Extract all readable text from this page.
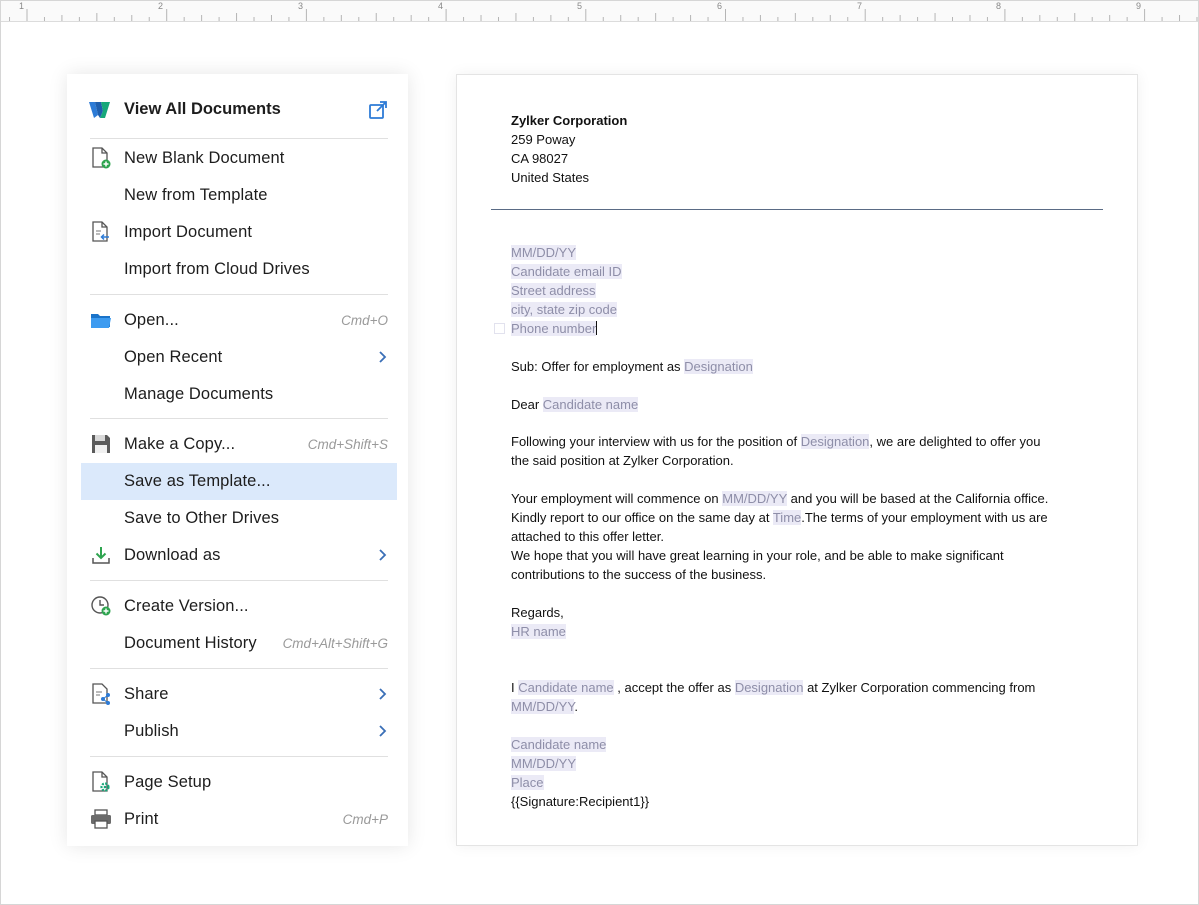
1	2	3	4	5	6	7	8	9
View All Documents
New Blank Document
New from Template
Import Document
Import from Cloud Drives
Open...	Cmd+O
Open Recent
Manage Documents
Make a Copy...	Cmd+Shift+S
Save as Template...
Save to Other Drives
Download as
Create Version...
Document History Cmd+Alt+Shift+G
Share
Publish
Page Setup
Print	Cmd+P
Zylker Corporation
259 Poway
CA 98027
United States
MM/DD/YY
Candidate email ID
Street address
city, state zip code
Phone number
Sub: Offer for employment as Designation
Dear Candidate name
Following your interview with us for the position of Designation, we are delighted to offer you
the said position at Zylker Corporation.
Your employment will commence on MM/DD/YY and you will be based at the California office.
Kindly report to our office on the same day at Time.The terms of your employment with us are
attached to this offer letter.
We hope that you will have great learning in your role, and be able to make significant
contributions to the success of the business.
Regards,
HR name
I Candidate name , accept the offer as Designation at Zylker Corporation commencing from
MM/DD/YY.
Candidate name
MM/DD/YY
Place
{{Signature:Recipient1}}
